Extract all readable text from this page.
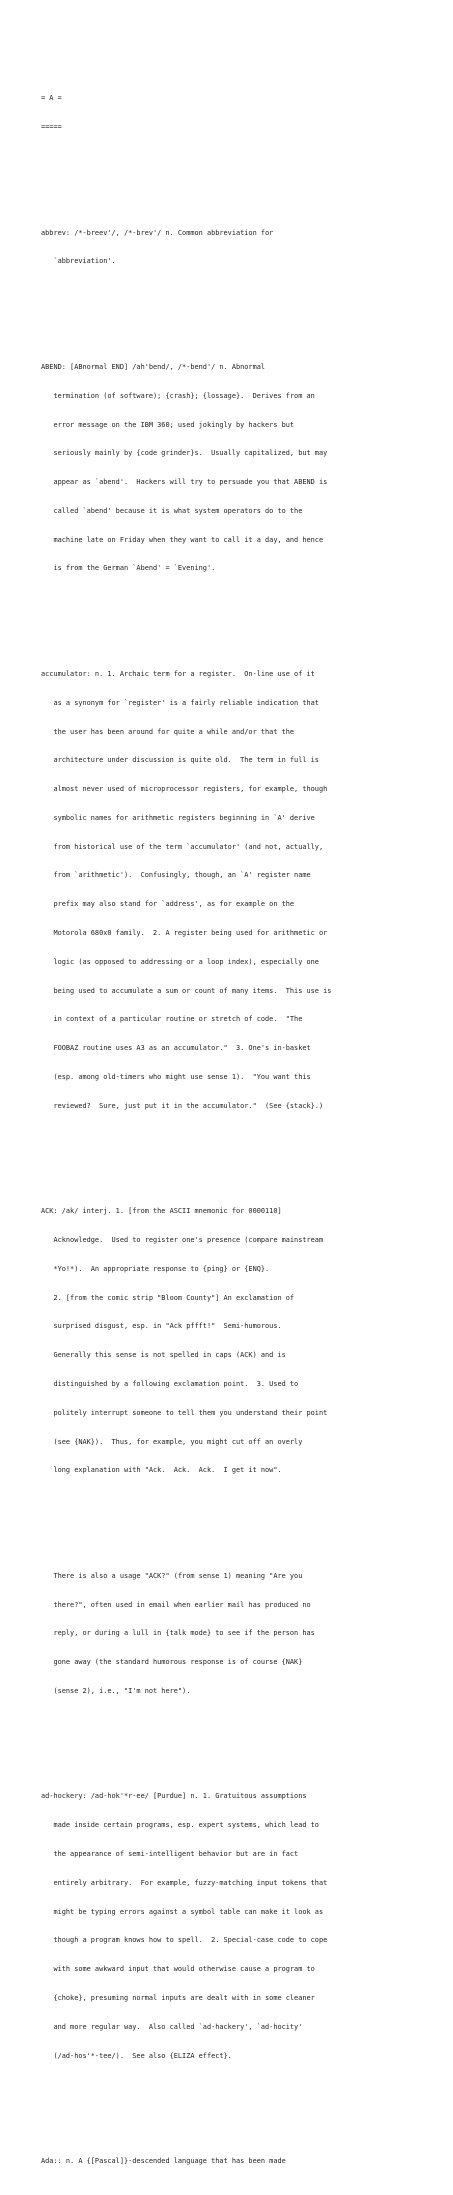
= A =

=====

abbrev: /*-breev'/, /*-brev'/ n. Common abbreviation for

`abbreviation'.

ABEND: [ABnormal END] /ah'bend/, /*-bend'/ n. Abnormal

termination (of software); {crash}; {lossage}.  Derives from an

error message on the IBM 360; used jokingly by hackers but

seriously mainly by {code grinder}s.  Usually capitalized, but may

appear as `abend'.  Hackers will try to persuade you that ABEND is

called `abend' because it is what system operators do to the

machine late on Friday when they want to call it a day, and hence

is from the German `Abend' = `Evening'.

accumulator: n. 1. Archaic term for a register.  On-line use of it

as a synonym for `register' is a fairly reliable indication that

the user has been around for quite a while and/or that the

architecture under discussion is quite old.  The term in full is

almost never used of microprocessor registers, for example, though

symbolic names for arithmetic registers beginning in `A' derive

from historical use of the term `accumulator' (and not, actually,

from `arithmetic').  Confusingly, though, an `A' register name

prefix may also stand for `address', as for example on the

Motorola 680x0 family.  2. A register being used for arithmetic or

logic (as opposed to addressing or a loop index), especially one

being used to accumulate a sum or count of many items.  This use is

in context of a particular routine or stretch of code.  "The

FOOBAZ routine uses A3 as an accumulator."  3. One's in-basket

(esp. among old-timers who might use sense 1).  "You want this

reviewed?  Sure, just put it in the accumulator."  (See {stack}.)

ACK: /ak/ interj. 1. [from the ASCII mnemonic for 0000110]

Acknowledge.  Used to register one's presence (compare mainstream

*Yo!*).  An appropriate response to {ping} or {ENQ}.

2. [from the comic strip "Bloom County"] An exclamation of

surprised disgust, esp. in "Ack pffft!"  Semi-humorous.

Generally this sense is not spelled in caps (ACK) and is

distinguished by a following exclamation point.  3. Used to

politely interrupt someone to tell them you understand their point

(see {NAK}).  Thus, for example, you might cut off an overly

long explanation with "Ack.  Ack.  Ack.  I get it now".

There is also a usage "ACK?" (from sense 1) meaning "Are you

there?", often used in email when earlier mail has produced no

reply, or during a lull in {talk mode} to see if the person has

gone away (the standard humorous response is of course {NAK}

(sense 2), i.e., "I'm not here").

ad-hockery: /ad-hok'*r-ee/ [Purdue] n. 1. Gratuitous assumptions

made inside certain programs, esp. expert systems, which lead to

the appearance of semi-intelligent behavior but are in fact

entirely arbitrary.  For example, fuzzy-matching input tokens that

might be typing errors against a symbol table can make it look as

though a program knows how to spell.  2. Special-case code to cope

with some awkward input that would otherwise cause a program to

{choke}, presuming normal inputs are dealt with in some cleaner

and more regular way.  Also called `ad-hackery', `ad-hocity'

(/ad-hos'*-tee/).  See also {ELIZA effect}.

Ada:: n. A {[Pascal]}-descended language that has been made
